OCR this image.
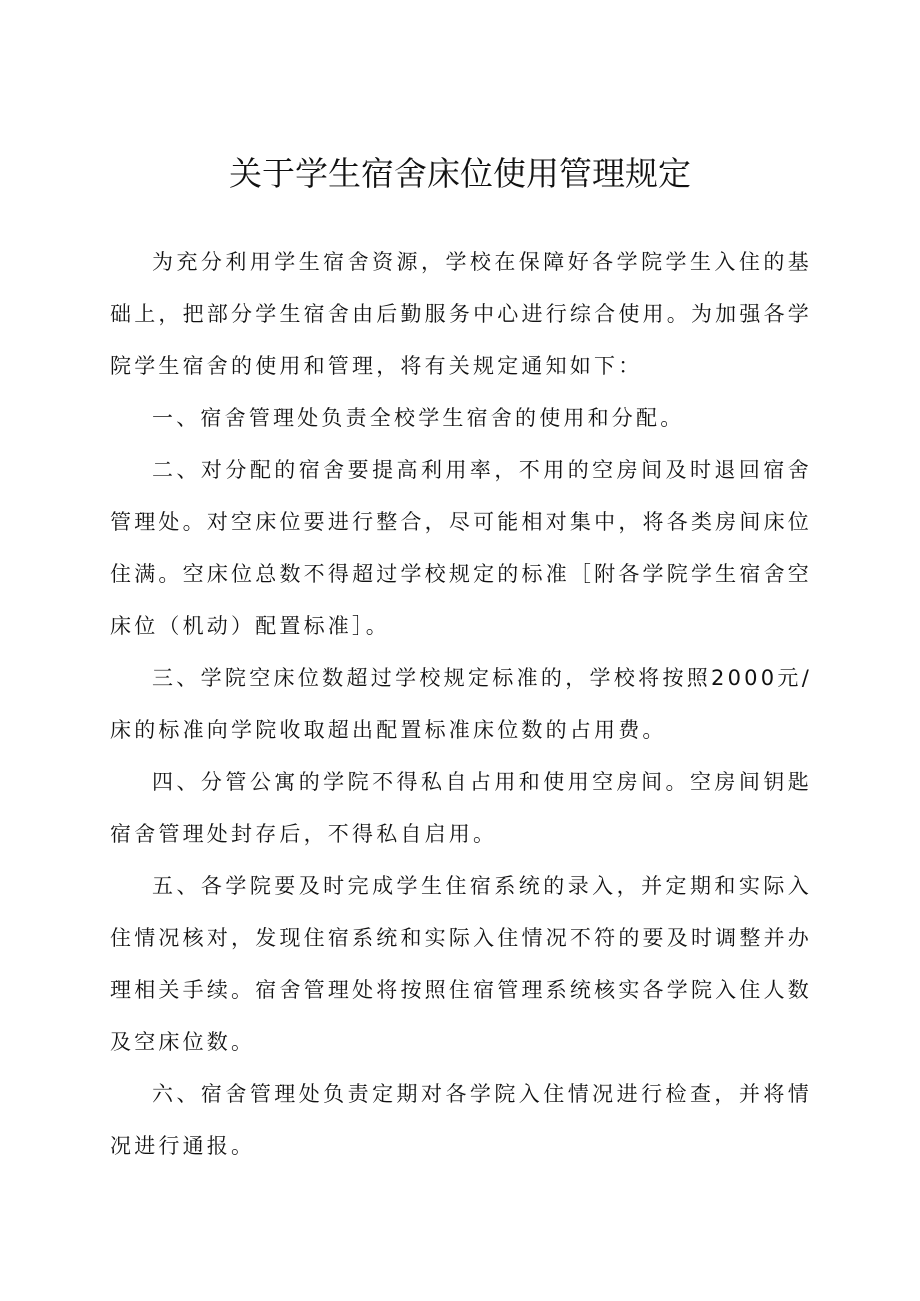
关于学生宿舍床位使用管理规定

为充分利用学生宿舍资源，学校在保障好各学院学生入住的基础上，把部分学生宿舍由后勤服务中心进行综合使用。为加强各学院学生宿舍的使用和管理，将有关规定通知如下：

一、宿舍管理处负责全校学生宿舍的使用和分配。

二、对分配的宿舍要提高利用率，不用的空房间及时退回宿舍管理处。对空床位要进行整合，尽可能相对集中，将各类房间床位住满。空床位总数不得超过学校规定的标准［附各学院学生宿舍空床位（机动）配置标准］。

三、学院空床位数超过学校规定标准的，学校将按照2000元/床的标准向学院收取超出配置标准床位数的占用费。

四、分管公寓的学院不得私自占用和使用空房间。空房间钥匙宿舍管理处封存后，不得私自启用。

五、各学院要及时完成学生住宿系统的录入，并定期和实际入住情况核对，发现住宿系统和实际入住情况不符的要及时调整并办理相关手续。宿舍管理处将按照住宿管理系统核实各学院入住人数及空床位数。

六、宿舍管理处负责定期对各学院入住情况进行检查，并将情况进行通报。
